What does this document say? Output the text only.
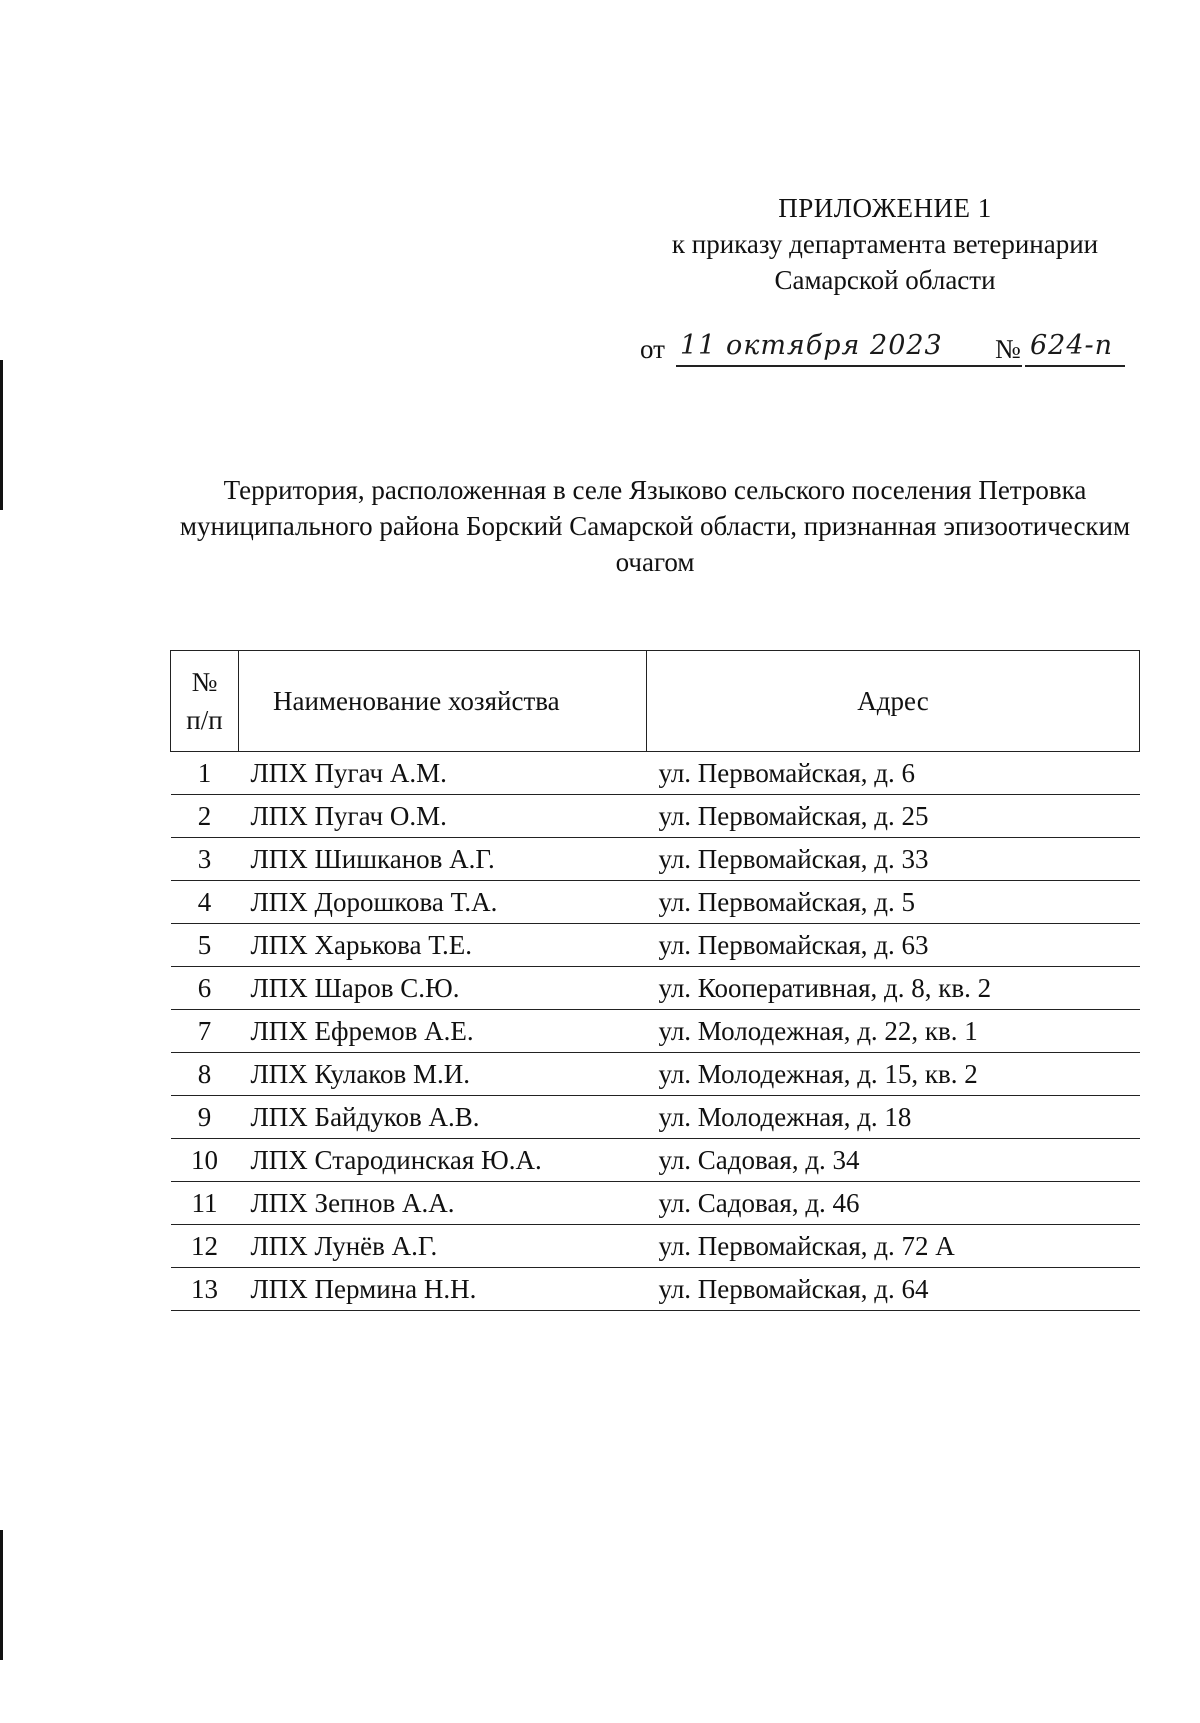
ПРИЛОЖЕНИЕ 1
к приказу департамента ветеринарии
Самарской области
от 11 октября 2023 № 624-п
Территория, расположенная в селе Языково сельского поселения Петровка муниципального района Борский Самарской области, признанная эпизоотическим очагом
№
п/п	Наименование хозяйства	Адрес
1	ЛПХ Пугач А.М.	ул. Первомайская, д. 6
2	ЛПХ Пугач О.М.	ул. Первомайская, д. 25
3	ЛПХ Шишканов А.Г.	ул. Первомайская, д. 33
4	ЛПХ Дорошкова Т.А.	ул. Первомайская, д. 5
5	ЛПХ Харькова Т.Е.	ул. Первомайская, д. 63
6	ЛПХ Шаров С.Ю.	ул. Кооперативная, д. 8, кв. 2
7	ЛПХ Ефремов А.Е.	ул. Молодежная, д. 22, кв. 1
8	ЛПХ Кулаков М.И.	ул. Молодежная, д. 15, кв. 2
9	ЛПХ Байдуков А.В.	ул. Молодежная, д. 18
10	ЛПХ Стародинская Ю.А.	ул. Садовая, д. 34
11	ЛПХ Зепнов А.А.	ул. Садовая, д. 46
12	ЛПХ Лунёв А.Г.	ул. Первомайская, д. 72 А
13	ЛПХ Пермина Н.Н.	ул. Первомайская, д. 64
